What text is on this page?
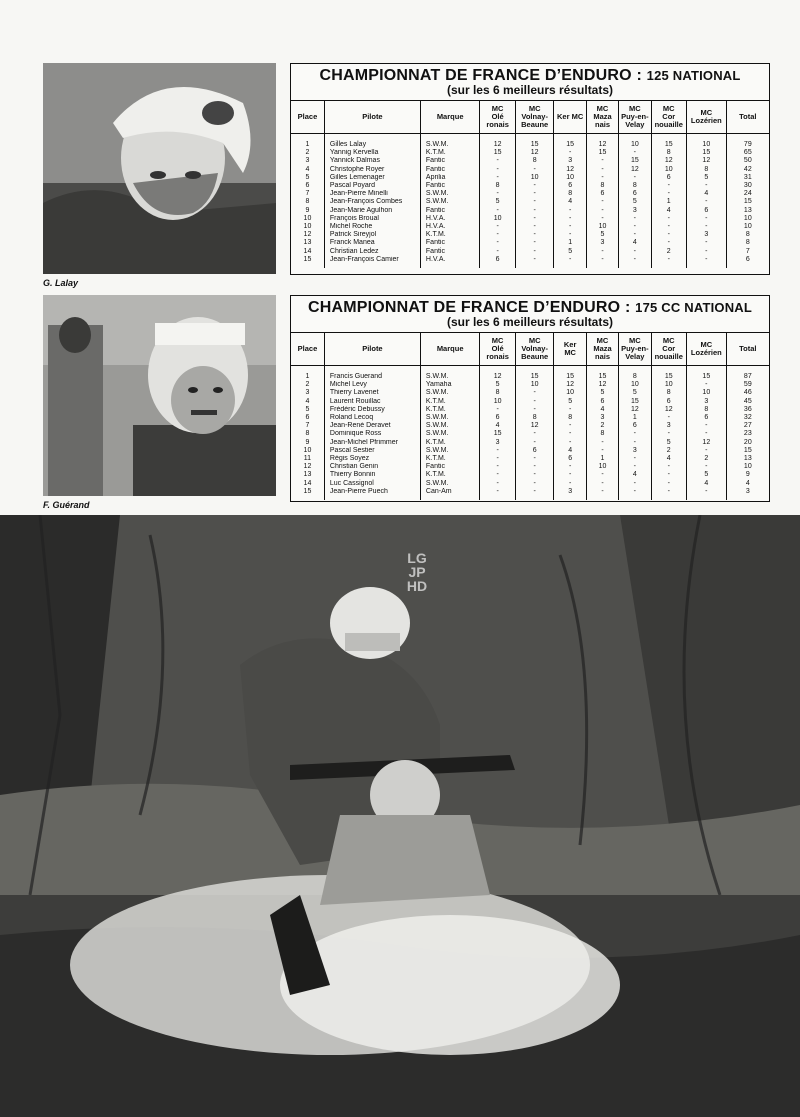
G. Lalay
F. Guérand
CHAMPIONNAT DE FRANCE D’ENDURO : 125 NATIONAL
(sur les 6 meilleurs résultats)
Place	Pilote	Marque	MC
Olé
ronais	MC
Volnay-
Beaune	Ker MC	MC
Maza
nais	MC
Puy-en-
Velay	MC
Cor
nouaille	MC
Lozérien	Total
1	Gilles Lalay	S.W.M.	12	15	15	12	10	15	10	79
2	Yannig Kervella	K.T.M.	15	12	-	15	-	8	15	65
3	Yannick Dalmas	Fantic	-	8	3	-	15	12	12	50
4	Christophe Royer	Fantic	-	-	12	-	12	10	8	42
5	Gilles Lemenager	Aprilia	-	10	10	-	-	6	5	31
6	Pascal Poyard	Fantic	8	-	6	8	8	-	-	30
7	Jean-Pierre Minelli	S.W.M.	-	-	8	6	6	-	4	24
8	Jean-François Combes	S.W.M.	5	-	4	-	5	1	-	15
9	Jean-Marie Agulhon	Fantic	-	-	-	-	3	4	6	13
10	François Broual	H.V.A.	10	-	-	-	-	-	-	10
10	Michel Roche	H.V.A.	-	-	-	10	-	-	-	10
12	Patrick Sireyjol	K.T.M.	-	-	-	5	-	-	3	8
13	Franck Manea	Fantic	-	-	1	3	4	-	-	8
14	Christian Ledez	Fantic	-	-	5	-	-	2	-	7
15	Jean-François Camier	H.V.A.	6	-	-	-	-	-	-	6
CHAMPIONNAT DE FRANCE D’ENDURO : 175 CC NATIONAL
(sur les 6 meilleurs résultats)
Place	Pilote	Marque	MC
Olé
ronais	MC
Volnay-
Beaune	Ker
MC	MC
Maza
nais	MC
Puy-en-
Velay	MC
Cor
nouaille	MC
Lozérien	Total
1	Francis Guerand	S.W.M.	12	15	15	15	8	15	15	87
2	Michel Levy	Yamaha	5	10	12	12	10	10	-	59
3	Thierry Lavenet	S.W.M.	8	-	10	5	5	8	10	46
4	Laurent Rouillac	K.T.M.	10	-	5	6	15	6	3	45
5	Frédéric Debussy	K.T.M.	-	-	-	4	12	12	8	36
6	Roland Lecoq	S.W.M.	6	8	8	3	1	-	6	32
7	Jean-René Deravet	S.W.M.	4	12	-	2	6	3	-	27
8	Dominique Ross	S.W.M.	15	-	-	8	-	-	-	23
9	Jean-Michel Pfrimmer	K.T.M.	3	-	-	-	-	5	12	20
10	Pascal Sestier	S.W.M.	-	6	4	-	3	2	-	15
11	Régis Soyez	K.T.M.	-	-	6	1	-	4	2	13
12	Christian Genin	Fantic	-	-	-	10	-	-	-	10
13	Thierry Bonnin	K.T.M.	-	-	-	-	4	-	5	9
14	Luc Cassignol	S.W.M.	-	-	-	-	-	-	4	4
15	Jean-Pierre Puech	Can-Am	-	-	3	-	-	-	-	3
LG
JP
HD
